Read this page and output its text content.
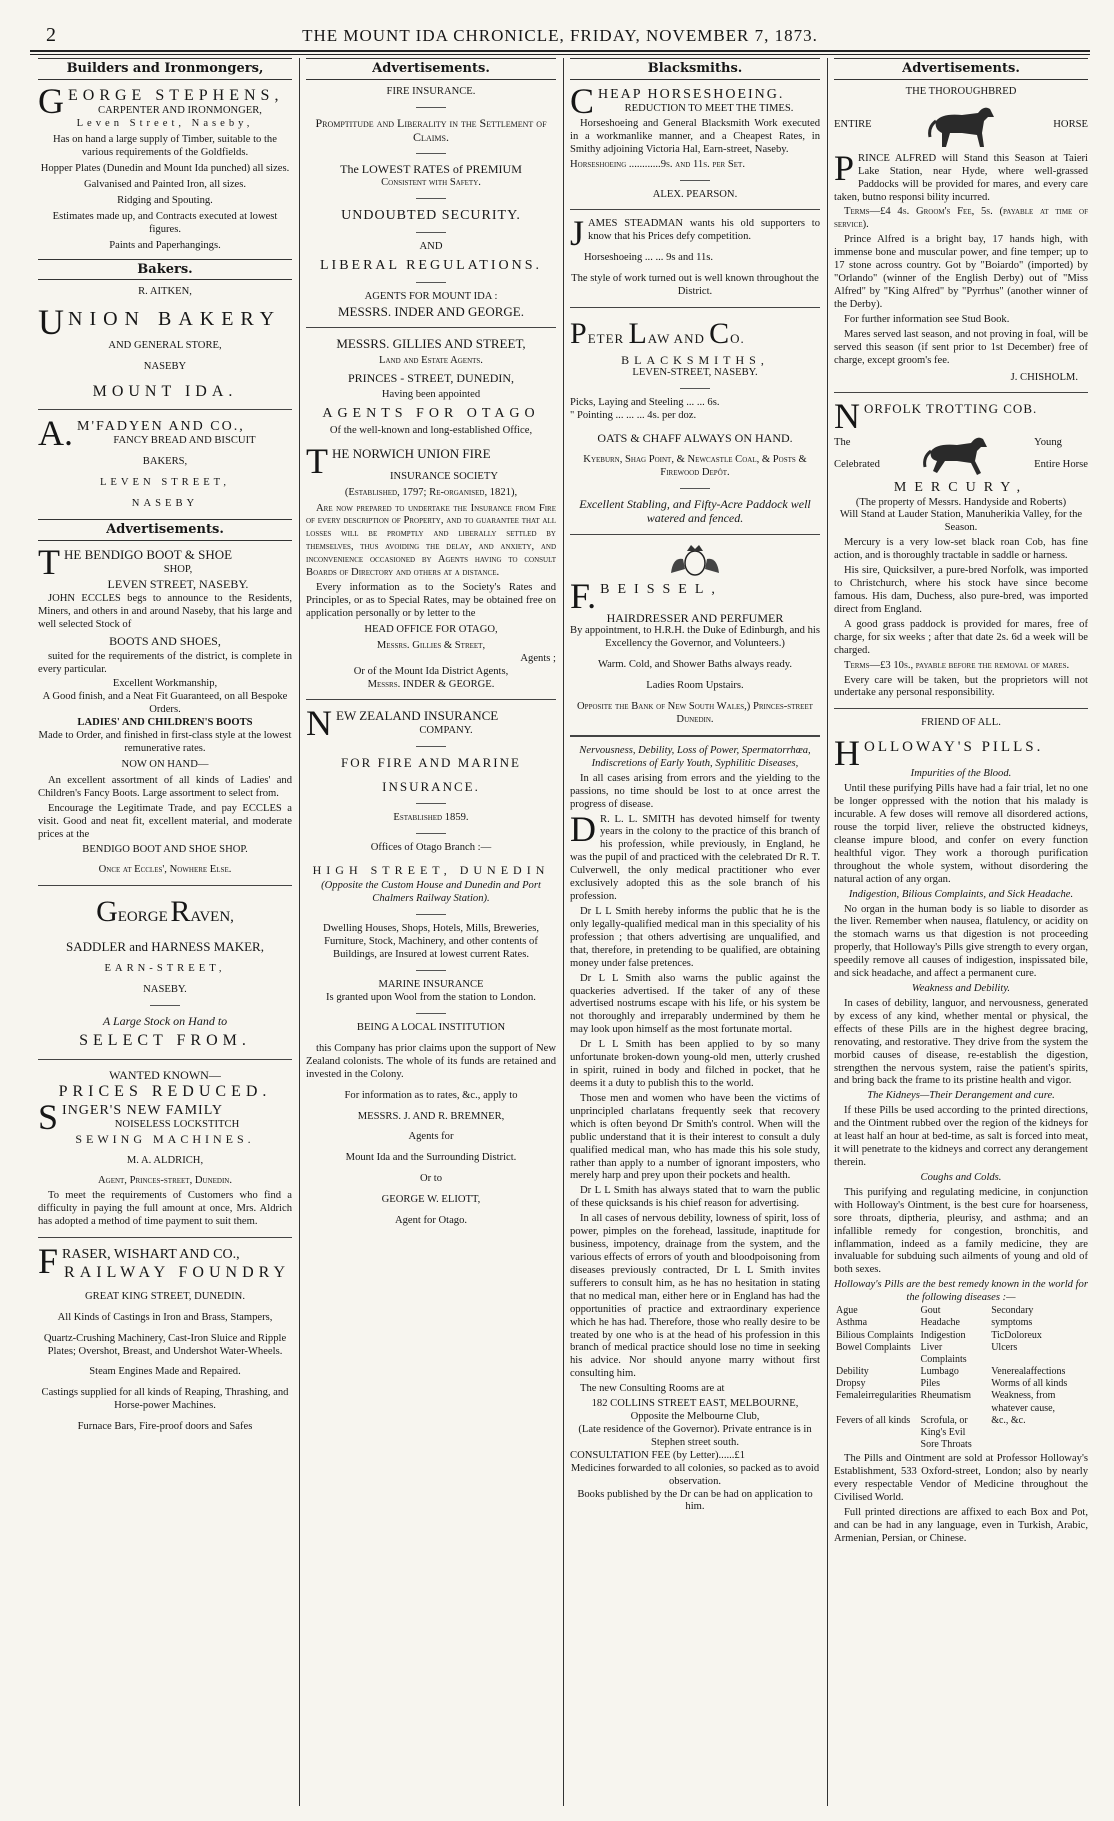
2	THE MOUNT IDA CHRONICLE, FRIDAY, NOVEMBER 7, 1873.
Builders and Ironmongers,
GEORGE STEPHENS,
CARPENTER AND IRONMONGER,
Leven Street, Naseby,
Has on hand a large supply of Timber, suitable to the various requirements of the Goldfields.
Hopper Plates (Dunedin and Mount Ida punched) all sizes.
Galvanised and Painted Iron, all sizes.
Ridging and Spouting.
Estimates made up, and Contracts executed at lowest figures.
Paints and Paperhangings.
Bakers.
R. AITKEN,
UNION BAKERY
AND GENERAL STORE,
NASEBY
MOUNT IDA.
A. M'FADYEN AND CO.,
FANCY BREAD AND BISCUIT
BAKERS,
LEVEN STREET,
NASEBY
Advertisements.
THE BENDIGO BOOT & SHOE
SHOP,
LEVEN STREET, NASEBY.

JOHN ECCLES begs to announce to the Residents, Miners, and others in and around Naseby, that his large and well selected Stock of

BOOTS AND SHOES,

suited for the requirements of the district, is complete in every particular.

Excellent Workmanship,
A Good finish, and a Neat Fit Guaranteed, on all Bespoke Orders.
LADIES' AND CHILDREN'S BOOTS
Made to Order, and finished in first-class style at the lowest remunerative rates.
NOW ON HAND—

An excellent assortment of all kinds of Ladies' and Children's Fancy Boots. Large assortment to select from.

Encourage the Legitimate Trade, and pay ECCLES a visit. Good and neat fit, excellent material, and moderate prices at the

BENDIGO BOOT AND SHOE SHOP.
Once at Eccles', Nowhere Else.
GEORGE RAVEN,
SADDLER and HARNESS MAKER,
EARN-STREET,
NASEBY.
A Large Stock on Hand to
SELECT FROM.
WANTED KNOWN—
PRICES REDUCED.
SINGER'S NEW FAMILY
NOISELESS LOCKSTITCH
SEWING MACHINES.
M. A. ALDRICH,
Agent, Princes-street, Dunedin.

To meet the requirements of Customers who find a difficulty in paying the full amount at once, Mrs. Aldrich has adopted a method of time payment to suit them.

FRASER, WISHART AND CO.,
RAILWAY FOUNDRY
GREAT KING STREET, DUNEDIN.
All Kinds of Castings in Iron and Brass, Stampers,
Quartz-Crushing Machinery, Cast-Iron Sluice and Ripple Plates; Overshot, Breast, and Undershot Water-Wheels.
Steam Engines Made and Repaired.
Castings supplied for all kinds of Reaping, Thrashing, and Horse-power Machines.
Furnace Bars, Fire-proof doors and Safes
Advertisements.
FIRE INSURANCE.
Promptitude and Liberality in the Settlement of Claims.
The LOWEST RATES of PREMIUM
Consistent with Safety.
UNDOUBTED SECURITY.
AND
LIBERAL REGULATIONS.
AGENTS FOR MOUNT IDA :
MESSRS. INDER AND GEORGE.
MESSRS. GILLIES AND STREET,
Land and Estate Agents.
PRINCES - STREET, DUNEDIN,
Having been appointed
AGENTS FOR OTAGO
Of the well-known and long-established Office,
THE NORWICH UNION FIRE
INSURANCE SOCIETY
(Established, 1797; Re-organised, 1821),

Are now prepared to undertake the Insurance from Fire of every description of Property, and to guarantee that all losses will be promptly and liberally settled by themselves, thus avoiding the delay, and anxiety, and inconvenience occasioned by Agents having to consult Boards of Directory and others at a distance.

Every information as to the Society's Rates and Principles, or as to Special Rates, may be obtained free on application personally or by letter to the

HEAD OFFICE FOR OTAGO,
Messrs. Gillies & Street,
Agents ;
Or of the Mount Ida District Agents,
Messrs. INDER & GEORGE.
NEW ZEALAND INSURANCE
COMPANY.
FOR FIRE AND MARINE
INSURANCE.
Established 1859.
Offices of Otago Branch :—
HIGH STREET, DUNEDIN
(Opposite the Custom House and Dunedin and Port Chalmers Railway Station).
Dwelling Houses, Shops, Hotels, Mills, Breweries, Furniture, Stock, Machinery, and other contents of Buildings, are Insured at lowest current Rates.
MARINE INSURANCE
Is granted upon Wool from the station to London.
BEING A LOCAL INSTITUTION

this Company has prior claims upon the support of New Zealand colonists. The whole of its funds are retained and invested in the Colony.

For information as to rates, &c., apply to
MESSRS. J. AND R. BREMNER,
Agents for
Mount Ida and the Surrounding District.
Or to
GEORGE W. ELIOTT,
Agent for Otago.
Blacksmiths.
CHEAP HORSESHOEING.
REDUCTION TO MEET THE TIMES.

Horseshoeing and General Blacksmith Work executed in a workmanlike manner, and a Cheapest Rates, in Smithy adjoining Victoria Hal, Earn-street, Naseby.

Horseshoeing ............9s. and 11s. per Set.
ALEX. PEARSON.
JAMES STEADMAN wants his old supporters to know that his Prices defy competition.
Horseshoeing ... ... 9s and 11s.
The style of work turned out is well known throughout the District.
PETER LAW AND CO.
BLACKSMITHS,
LEVEN-STREET, NASEBY.
Picks, Laying and Steeling ... ... 6s.
" Pointing ... ... ... 4s. per doz.
OATS & CHAFF ALWAYS ON HAND.
Kyeburn, Shag Point, & Newcastle Coal, & Posts & Firewood Depôt.
Excellent Stabling, and Fifty-Acre Paddock well watered and fenced.
F. BEISSEL,
HAIRDRESSER AND PERFUMER
By appointment, to H.R.H. the Duke of Edinburgh, and his Excellency the Governor, and Volunteers.)
Warm. Cold, and Shower Baths always ready.
Ladies Room Upstairs.
Opposite the Bank of New South Wales,) Princes-street Dunedin.
Nervousness, Debility, Loss of Power, Spermatorrhœa, Indiscretions of Early Youth, Syphilitic Diseases,

In all cases arising from errors and the yielding to the passions, no time should be lost to at once arrest the progress of disease.

D R. L. L. SMITH has devoted himself for twenty years in the colony to the practice of this branch of his profession, while previously, in England, he was the pupil of and practiced with the celebrated Dr R. T. Culverwell, the only medical practitioner who ever exclusively adopted this as the sole branch of his profession.

Dr L L Smith hereby informs the public that he is the only legally-qualified medical man in this speciality of his profession ; that others advertising are unqualified, and that, therefore, in pretending to be qualified, are obtaining money under false pretences.

Dr L L Smith also warns the public against the quackeries advertised. If the taker of any of these advertised nostrums escape with his life, or his system be not thoroughly and irreparably undermined by them he may look upon himself as the most fortunate mortal.

Dr L L Smith has been applied to by so many unfortunate broken-down young-old men, utterly crushed in spirit, ruined in body and filched in pocket, that he deems it a duty to publish this to the world.

Those men and women who have been the victims of unprincipled charlatans frequently seek that recovery which is often beyond Dr Smith's control. When will the public understand that it is their interest to consult a duly qualified medical man, who has made this his sole study, rather than apply to a number of ignorant imposters, who merely harp and prey upon their pockets and health.

Dr L L Smith has always stated that to warn the public of these quicksands is his chief reason for advertising.

In all cases of nervous debility, lowness of spirit, loss of power, pimples on the forehead, lassitude, inaptitude for business, impotency, drainage from the system, and the various effects of errors of youth and bloodpoisoning from diseases previously contracted, Dr L L Smith invites sufferers to consult him, as he has no hesitation in stating that no medical man, either here or in England has had the opportunities of practice and extraordinary experience which he has had. Therefore, those who really desire to be treated by one who is at the head of his profession in this branch of medical practice should lose no time in seeking his advice. Nor should anyone marry without first consulting him.

The new Consulting Rooms are at

182 COLLINS STREET EAST, MELBOURNE,
Opposite the Melbourne Club,
(Late residence of the Governor). Private entrance is in Stephen street south.
CONSULTATION FEE (by Letter)......£1
Medicines forwarded to all colonies, so packed as to avoid observation.
Books published by the Dr can be had on application to him.
Advertisements.
THE THOROUGHBRED
ENTIRE	HORSE
PRINCE ALFRED will Stand this Season at Taieri Lake Station, near Hyde, where well-grassed Paddocks will be provided for mares, and every care taken, butno responsi bility incurred.

Terms—£4 4s. Groom's Fee, 5s. (payable at time of service).

Prince Alfred is a bright bay, 17 hands high, with immense bone and muscular power, and fine temper; up to 17 stone across country. Got by "Boiardo" (imported) by "Orlando" (winner of the English Derby) out of "Miss Alfred" by "King Alfred" by "Pyrrhus" (another winner of the Derby).

For further information see Stud Book.

Mares served last season, and not proving in foal, will be served this season (if sent prior to 1st December) free of charge, except groom's fee.

J. CHISHOLM.
NORFOLK TROTTING COB.
The
Celebrated
Young
Entire Horse
MERCURY,
(The property of Messrs. Handyside and Roberts)
Will Stand at Lauder Station, Manuherikia Valley, for the Season.

Mercury is a very low-set black roan Cob, has fine action, and is thoroughly tractable in saddle or harness.

His sire, Quicksilver, a pure-bred Norfolk, was imported to Christchurch, where his stock have since become famous. His dam, Duchess, also pure-bred, was imported direct from England.

A good grass paddock is provided for mares, free of charge, for six weeks ; after that date 2s. 6d a week will be charged.

Terms—£3 10s., payable before the removal of mares.

Every care will be taken, but the proprietors will not undertake any personal responsibility.

FRIEND OF ALL.
HOLLOWAY'S PILLS.
Impurities of the Blood.

Until these purifying Pills have had a fair trial, let no one be longer oppressed with the notion that his malady is incurable. A few doses will remove all disordered actions, rouse the torpid liver, relieve the obstructed kidneys, cleanse impure blood, and confer on every function healthful vigor. They work a thorough purification throughout the whole system, without disordering the natural action of any organ.

Indigestion, Bilious Complaints, and Sick Headache.

No organ in the human body is so liable to disorder as the liver. Remember when nausea, flatulency, or acidity on the stomach warns us that digestion is not proceeding properly, that Holloway's Pills give strength to every organ, speedily remove all causes of indigestion, inspissated bile, and sick headache, and affect a permanent cure.

Weakness and Debility.

In cases of debility, languor, and nervousness, generated by excess of any kind, whether mental or physical, the effects of these Pills are in the highest degree bracing, renovating, and restorative. They drive from the system the morbid causes of disease, re-establish the digestion, strengthen the nervous system, raise the patient's spirits, and bring back the frame to its pristine health and vigor.

The Kidneys—Their Derangement and cure.

If these Pills be used according to the printed directions, and the Ointment rubbed over the region of the kidneys for at least half an hour at bed-time, as salt is forced into meat, it will penetrate to the kidneys and correct any derangement therein.

Coughs and Colds.

This purifying and regulating medicine, in conjunction with Holloway's Ointment, is the best cure for hoarseness, sore throats, diptheria, pleurisy, and asthma; and an infallible remedy for congestion, bronchitis, and inflammation, indeed as a family medicine, they are invaluable for subduing such ailments of young and old of both sexes.

Holloway's Pills are the best remedy known in the world for the following diseases :—
Ague	Gout	Secondary
Asthma	Headache	symptoms
Bilious Complaints	Indigestion	TicDoloreux
Bowel Complaints	Liver Complaints	Ulcers
Debility	Lumbago	Venerealaffections
Dropsy	Piles	Worms of all kinds
Femaleirregularities	Rheumatism	Weakness, from whatever cause,
Fevers of all kinds	Scrofula, or King's Evil	&c., &c.
	Sore Throats	

The Pills and Ointment are sold at Professor Holloway's Establishment, 533 Oxford-street, London; also by nearly every respectable Vendor of Medicine throughout the Civilised World.

Full printed directions are affixed to each Box and Pot, and can be had in any language, even in Turkish, Arabic, Armenian, Persian, or Chinese.
